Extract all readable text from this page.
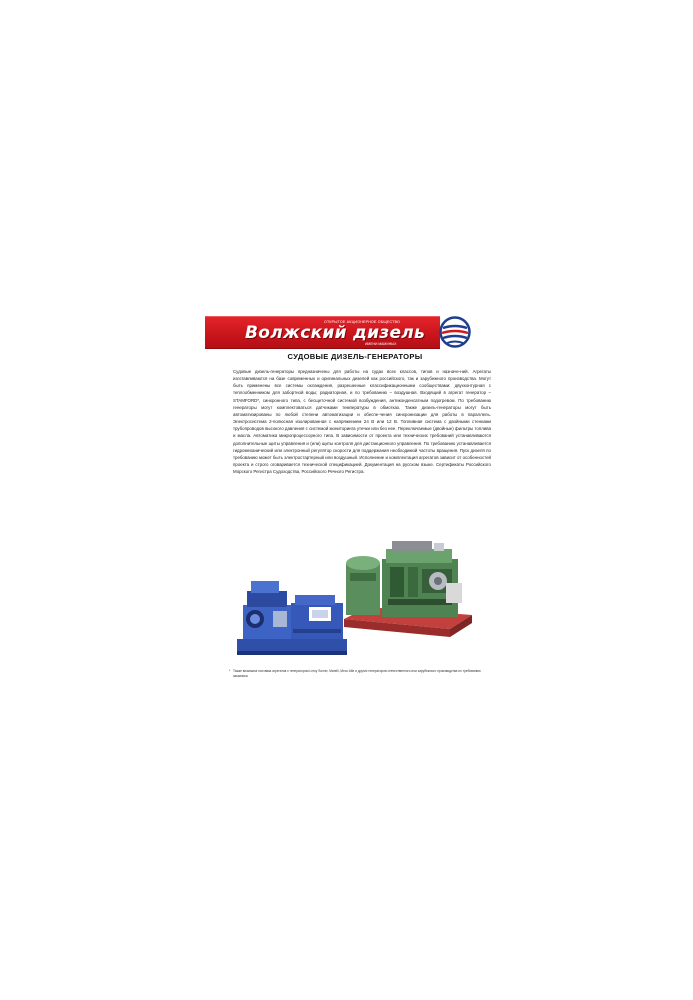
ОТКРЫТОЕ АКЦИОНЕРНОЕ ОБЩЕСТВО
Волжский дизель
ИМЕНИ МАМИНЫХ
СУДОВЫЕ ДИЗЕЛЬ-ГЕНЕРАТОРЫ
Судовые дизель-генераторы предназначены для работы на судах всех классов, типов и назначе-ний. Агрегаты изготавливаются на базе современных и оригинальных дизелей как российского, так и зарубежного производства. Могут быть применены все системы охлаждения, разрешенные классификационными сообществами: двухконтурная с теплообменником для забортной воды; радиаторная, и по требованию – воздушная. Входящий в агрегат генератор – STAMFORD*, синхронного типа, с бесщеточной системой возбуждения, антиконденсатным подогревом. По требованию генераторы могут комплектоваться датчиками температуры в обмотках. Также дизель-генераторы могут быть автоматизированы по любой степени автоматизации и обеспе-чения синхронизации для работы в параллель. Электросистема 2-полюсная изолированная с напряжением 24 В или 12 В. Топливная система с двойными стенками трубопроводов высокого давления с системой мониторинга утечки или без нее. Переключаемые (двойные) фильтры топлива и масла. Автоматика микропроцессорного типа. В зависимости от проекта или технических требований устанавливаются дополнительные щиты управления и (или) щиты контроля для дистанционного управления. По требованию устанавливается гидромеханический или электронный регулятор скорости для поддержания необходимой частоты вращения. Пуск дизеля по требованию может быть электростартерный или воздушный. Исполнение и комплектация агрегатов зависит от особенностей проекта и строго оговаривается технической спецификацией. Документация на русском языке. Сертификаты Российского Морского Регистра Судоходства, Российского Речного Регистра.
* Также возможна поставка агрегатов с генератором Leroy Somer, Marelli, Mecc Alte и других генераторов отечественного или зарубежного производства по требованию заказчика.
